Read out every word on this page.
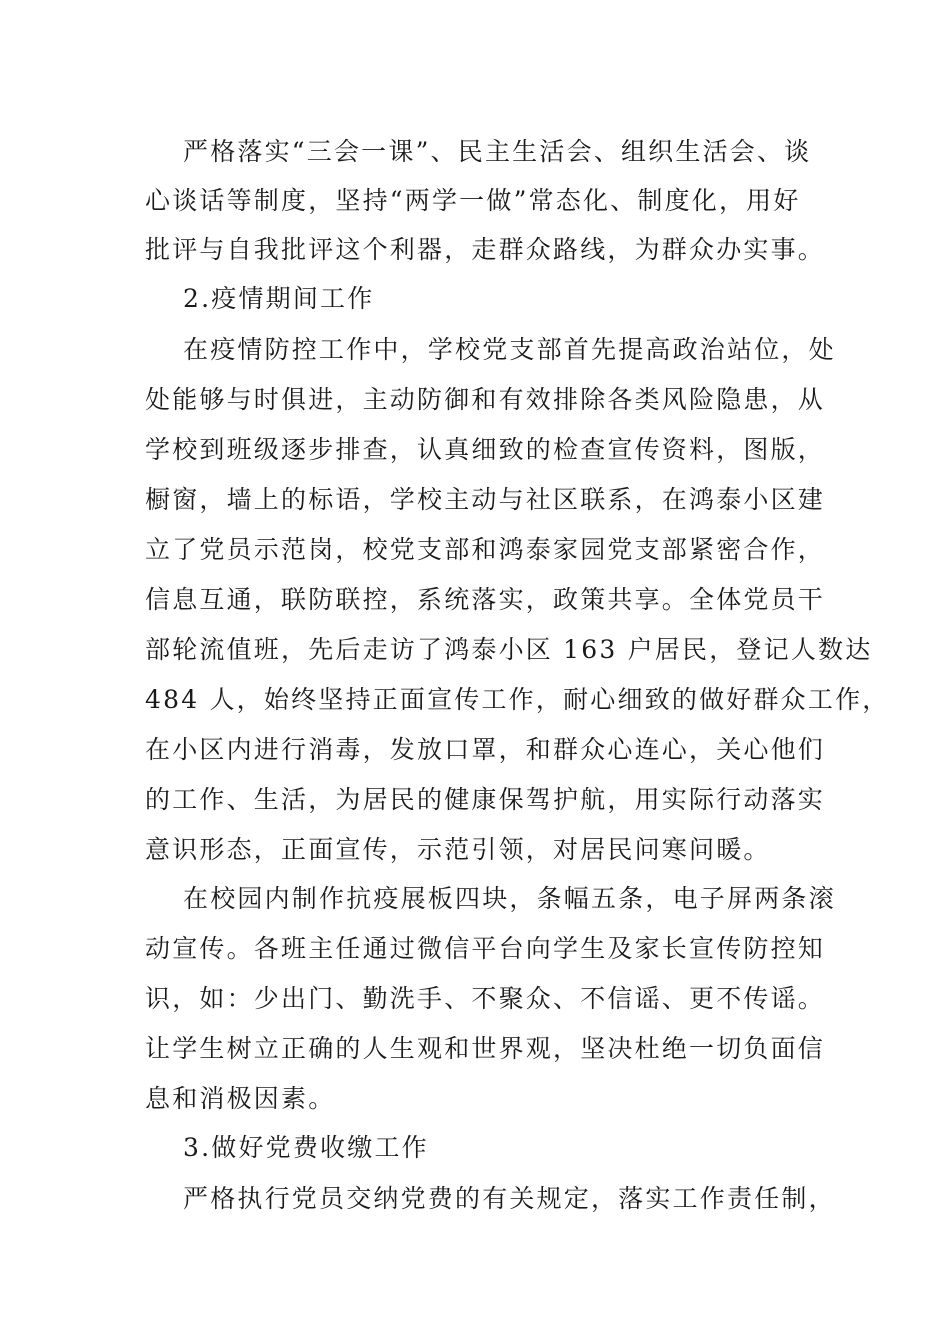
严格落实“三会一课”、民主生活会、组织生活会、谈
心谈话等制度，坚持“两学一做”常态化、制度化，用好
批评与自我批评这个利器，走群众路线，为群众办实事。
2.疫情期间工作
在疫情防控工作中，学校党支部首先提高政治站位，处
处能够与时俱进，主动防御和有效排除各类风险隐患，从
学校到班级逐步排查，认真细致的检查宣传资料，图版，
橱窗，墙上的标语，学校主动与社区联系，在鸿泰小区建
立了党员示范岗，校党支部和鸿泰家园党支部紧密合作，
信息互通，联防联控，系统落实，政策共享。全体党员干
部轮流值班，先后走访了鸿泰小区 163 户居民，登记人数达
484 人，始终坚持正面宣传工作，耐心细致的做好群众工作，
在小区内进行消毒，发放口罩，和群众心连心，关心他们
的工作、生活，为居民的健康保驾护航，用实际行动落实
意识形态，正面宣传，示范引领，对居民问寒问暖。
在校园内制作抗疫展板四块，条幅五条，电子屏两条滚
动宣传。各班主任通过微信平台向学生及家长宣传防控知
识，如：少出门、勤洗手、不聚众、不信谣、更不传谣。
让学生树立正确的人生观和世界观，坚决杜绝一切负面信
息和消极因素。
3.做好党费收缴工作
严格执行党员交纳党费的有关规定，落实工作责任制，
